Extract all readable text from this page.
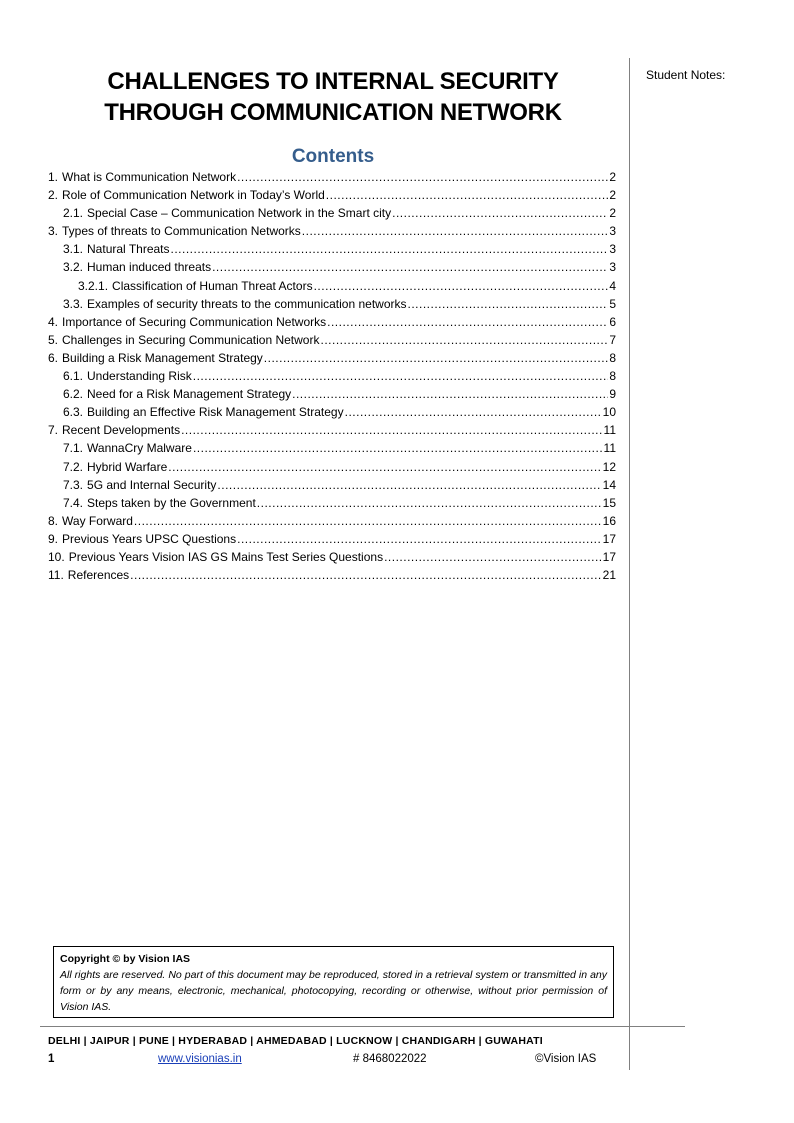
CHALLENGES TO INTERNAL SECURITY
THROUGH COMMUNICATION NETWORK
Student Notes:
Contents
1. What is Communication Network .....	2
2. Role of Communication Network in Today’s World .....	2
2.1. Special Case – Communication Network in the Smart city .....	2
3. Types of threats to Communication Networks .....	3
3.1. Natural Threats .....	3
3.2. Human induced threats .....	3
3.2.1. Classification of Human Threat Actors .....	4
3.3. Examples of security threats to the communication networks .....	5
4. Importance of Securing Communication Networks .....	6
5. Challenges in Securing Communication Network .....	7
6. Building a Risk Management Strategy .....	8
6.1. Understanding Risk .....	8
6.2. Need for a Risk Management Strategy .....	9
6.3. Building an Effective Risk Management Strategy .....	10
7. Recent Developments .....	11
7.1. WannaCry Malware .....	11
7.2. Hybrid Warfare .....	12
7.3. 5G and Internal Security .....	14
7.4. Steps taken by the Government .....	15
8. Way Forward .....	16
9. Previous Years UPSC Questions .....	17
10. Previous Years Vision IAS GS Mains Test Series Questions .....	17
11. References .....	21
Copyright © by Vision IAS
All rights are reserved. No part of this document may be reproduced, stored in a retrieval system or transmitted in any form or by any means, electronic, mechanical, photocopying, recording or otherwise, without prior permission of Vision IAS.
DELHI | JAIPUR | PUNE | HYDERABAD | AHMEDABAD | LUCKNOW | CHANDIGARH | GUWAHATI
1	www.visionias.in	# 8468022022	©Vision IAS
